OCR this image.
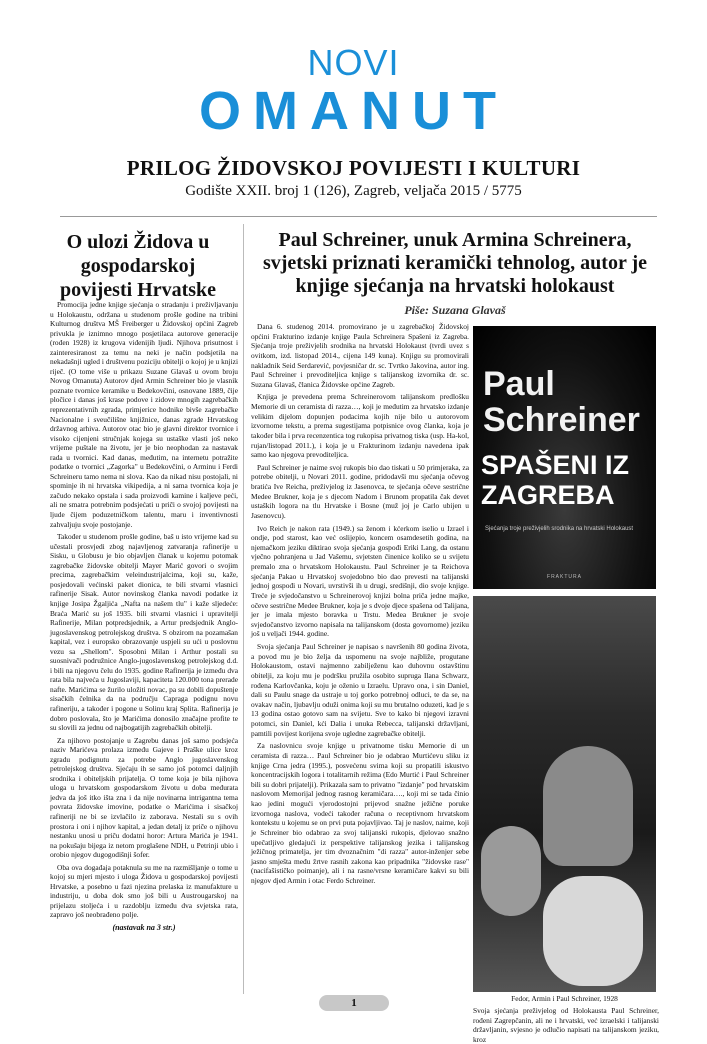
NOVI
OMANUT
PRILOG ŽIDOVSKOJ POVIJESTI I KULTURI
Godište XXII. broj 1 (126), Zagreb, veljača 2015 / 5775
O ulozi Židova u gospodarskoj povijesti Hrvatske

Promocija jedne knjige sjećanja o stradanju i preživljavanju u Holokaustu, održana u studenom prošle godine na tribini Kulturnog društva MŠ Freiberger u Židovskoj općini Zagreb privukla je iznimno mnogo posjetilaca autorove generacije (rođen 1928) iz krugova viđenijih ljudi. Njihova prisutnost i zainteresiranost za temu na neki je način podsjetila na nekadašnji ugled i društvenu poziciju obitelji o kojoj je u knjizi riječ. (O tome više u prikazu Suzane Glavaš u ovom broju Novog Omanuta) Autorov djed Armin Schreiner bio je vlasnik poznate tvornice keramike u Bedekovčini, osnovane 1889, čije pločice i danas još krase podove i zidove mnogih zagrebačkih reprezentativnih zgrada, primjerice hodnike bivše zagrebačke Nacionalne i sveučilišne knjižnice, danas zgrade Hrvatskog državnog arhiva. Autorov otac bio je glavni direktor tvornice i visoko cijenjeni stručnjak kojega su ustaške vlasti još neko vrijeme puštale na životu, jer je bio neophodan za nastavak rada u tvornici. Kad danas, međutim, na internetu potražite podatke o tvornici „Zagorka" u Bedekovčini, o Arminu i Ferdi Schreineru tamo nema ni slova. Kao da nikad nisu postojali, ni spominje ih ni hrvatska vikipedija, a ni sama tvornica koja je začudo nekako opstala i sada proizvodi kamine i kaljeve peći, ali ne smatra potrebnim podsjećati u priči o svojoj povijesti na ljude čijem poduzetničkom talentu, maru i inventivnosti zahvaljuju svoje postojanje.

Također u studenom prošle godine, baš u isto vrijeme kad su učestali prosvjedi zbog najavljenog zatvaranja rafinerije u Sisku, u Globusu je bio objavljen članak u kojemu potomak zagrebačke židovske obitelji Mayer Marić govori o svojim precima, zagrebačkim veleindustrijalcima, koji su, kaže, posjedovali većinski paket dionica, te bili stvarni vlasnici rafinerije Sisak. Autor novinskog članka navodi podatke iz knjige Josipa Žgaljića „Nafta na našem tlu" i kaže sljedeće: Braća Marić su još 1935. bili stvarni vlasnici i upravitelji Rafinerije, Milan potpredsjednik, a Artur predsjednik Anglo-jugoslavenskog petrolejskog društva. S obzirom na pozamašan kapital, vez i europsko obrazovanje uspjeli su ući u poslovnu vezu sa „Shellom". Sposobni Milan i Arthur postali su suosnivači podružnice Anglo-jugoslavenskog petrolejskog d.d. i bili na njegovu čelu do 1935. godine Rafinerija je između dva rata bila najveća u Jugoslaviji, kapaciteta 120.000 tona prerade nafte. Marićima se žurilo uložiti novac, pa su dobili dopuštenje sisačkih čelnika da na području Capraga podignu novu rafineriju, a također i pogone u Solinu kraj Splita. Rafinerija je dobro poslovala, što je Marićima donosilo značajne profite te su slovili za jednu od najbogatijih zagrebačkih obitelji.

Za njihovo postojanje u Zagrebu danas još samo podsjeća naziv Marićeva prolaza između Gajeve i Praške ulice kroz zgradu podignutu za potrebe Anglo jugoslavenskog petrolejskog društva. Sjećaju ih se samo još potomci daljnjih srodnika i obiteljskih prijatelja. O tome koja je bila njihova uloga u hrvatskom gospodarskom životu u doba međurata jedva da još itko išta zna i da nije novinarna intrigantna tema povrata židovske imovine, podatke o Marićima i sisačkoj rafineriji ne bi se izvlačilo iz zaborava. Nestali su s ovih prostora i oni i njihov kapital, a jedan detalj iz priče o njihovu nestanku unosi u priču dodatni horor: Artura Marića je 1941. na pokušaju bijega iz netom proglašene NDH, u Petrinji ubio i orobio njegov dugogodišnji šofer.

Oba ova događaja potaknula su me na razmišljanje o tome u kojoj su mjeri mjesto i uloga Židova u gospodarskoj povijesti Hrvatske, a posebno u fazi njezina prelaska iz manufakture u industriju, u doba dok smo još bili u Austrougarskoj na prijelazu stoljeća i u razdoblju između dva svjetska rata, zapravo još neobrađeno polje.

(nastavak na 3 str.)
Paul Schreiner, unuk Armina Schreinera, svjetski priznati keramički tehnolog, autor je knjige sjećanja na hrvatski holokaust
Piše: Suzana Glavaš

Dana 6. studenog 2014. promovirano je u zagrebačkoj Židovskoj općini Frakturino izdanje knjige Paula Schreinera Spašeni iz Zagreba. Sjećanja troje preživjelih srodnika na hrvatski Holokaust (tvrdi uvez s ovitkom, izd. listopad 2014., cijena 149 kuna). Knjigu su promovirali nakladnik Seid Serdarević, povjesničar dr. sc. Tvrtko Jakovina, autor ing. Paul Schreiner i prevoditeljica knjige s talijanskog izvornika dr. sc. Suzana Glavaš, članica Židovske općine Zagreb.

Knjiga je prevedena prema Schreinerovom talijanskom predlošku Memorie di un ceramista di razza…, koji je međutim za hrvatsko izdanje velikim dijelom dopunjen podacima kojih nije bilo u autorovom izvornome tekstu, a prema sugestijama potpisnice ovog članka, koja je također bila i prva recenzentica tog rukopisa privatnog tiska (usp. Ha-kol, rujan/listopad 2011.), i koja je u Frakturinom izdanju navedena ipak samo kao njegova prevoditeljica.

Paul Schreiner je naime svoj rukopis bio dao tiskati u 50 primjeraka, za potrebe obitelji, u Novari 2011. godine, pridodavši mu sjećanja očevog bratića Ive Reicha, preživjelog iz Jasenovca, te sjećanja očeve sestrične Medee Brukner, koja je s djecom Nadom i Brunom propatila čak devet ustaških logora na tlu Hrvatske i Bosne (muž joj je Carlo ubijen u Jasenovcu).

Ivo Reich je nakon rata (1949.) sa ženom i kćerkom iselio u Izrael i ondje, pod starost, kao već oslijepio, koncem osamdesetih godina, na njemačkom jeziku diktirao svoja sjećanja gospođi Eriki Lang, da ostanu vječno pohranjena u Jad Vašemu, svjetsten činenice koliko se u svijetu premalo zna o hrvatskom Holokaustu. Paul Schreiner je ta Reichova sjećanja Pakao u Hrvatskoj svojedobno bio dao prevesti na talijanski jednoj gospođi u Novari, uvrstivši ih u drugi, središnji, dio svoje knjige. Treće je svjedočanstvo u Schreinerovoj knjizi bolna priča jedne majke, očeve sestrične Medee Brukner, koja je s dvoje djece spašena od Talijana, jer je imala mjesto boravka u Trstu. Medea Brukner je svoje svjedočanstvo izvorno napisala na talijanskom (dosta govornome) jeziku još u veljači 1944. godine.

Svoja sjećanja Paul Schreiner je napisao s navršenih 80 godina života, a povod mu je bio želja da uspomenu na svoje najbliže, progutane Holokaustom, ostavi najmenno zabilježenu kao duhovnu ostavštinu obitelji, za koju mu je podršku pružila osobito supruga Ilana Schwarz, rođena Karlovčanka, koju je oženio u Izraelu. Upravo ona, i sin Daniel, dali su Paulu snage da ustraje u toj gorko potrebnoj odluci, te da se, na ovakav način, ljubavlju oduži onima koji su mu brutalno oduzeti, kad je s 13 godina ostao gotovo sam na svijetu. Sve to kako bi njegovi izravni potomci, sin Daniel, kći Dalia i unuka Rebecca, talijanski državljani, pamtili povijest korijena svoje ugledne zagrebačke obitelji.

Za naslovnicu svoje knjige u privatnome tisku Memorie di un ceramista di razza… Paul Schreiner bio je odabrao Murtićevu sliku iz knjige Crna jedra (1995.), posvećenu svima koji su propatili iskustvo koncentracijskih logora i totalitarnih režima (Edo Murtić i Paul Schreiner bili su dobri prijatelji). Prikazala sam to privatno "izdanje" pod hrvatskim naslovom Memorijal jednog rasnog keramičara…., koji mi se tada činio kao jedini mogući vjerodostojni prijevod snažne ježične poruke izvornoga naslova, vodeći također računa o receptivnom hrvatskom kontekstu u kojemu se on prvi puta pojavljivao. Taj je naslov, naime, koji je Schreiner bio odabrao za svoj talijanski rukopis, djelovao snažno upečatljivo gledajući iz perspektive talijanskog jezika i talijanskog ježičnog primatelja, jer tim dvoznačnim "di razza" autor-inženjer sebe jasno smješta među žrtve rasnih zakona kao pripadnika "židovske rase" (nacifašističko poimanje), ali i na rasne/vrsne keramičare kakvi su bili njegov djed Armin i otac Ferdo Schreiner.

Paul
Schreiner
SPAŠENI IZ
ZAGREBA
Sjećanja troje preživjelih srodnika na hrvatski Holokaust
FRAKTURA
Fedor, Armin i Paul Schreiner, 1928
Svoja sjećanja preživjelog od Holokausta Paul Schreiner, rođeni Zagrepčanin, ali ne i hrvatski, već izraelski i talijanski državljanin, svjesno je odlučio napisati na talijanskom jeziku, kroz
1
